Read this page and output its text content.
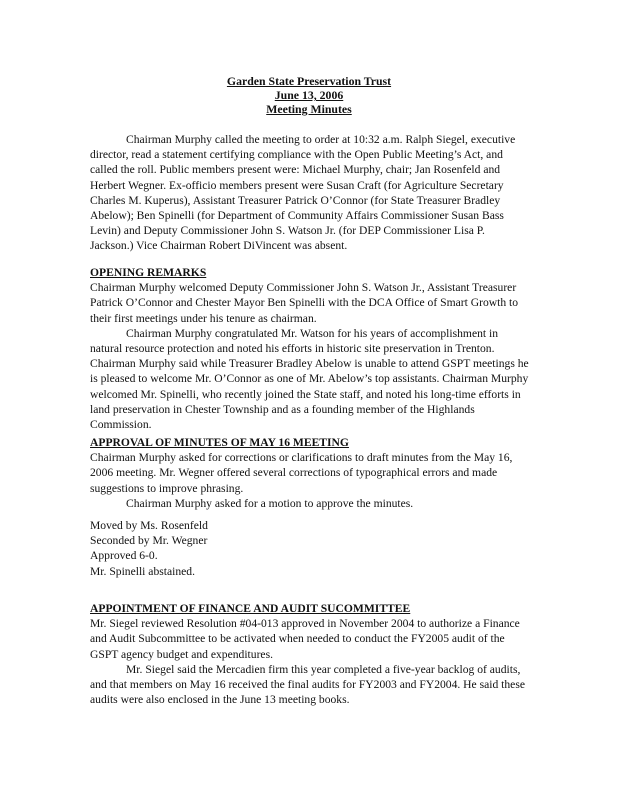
Garden State Preservation Trust
June 13, 2006
Meeting Minutes

Chairman Murphy called the meeting to order at 10:32 a.m. Ralph Siegel, executive director, read a statement certifying compliance with the Open Public Meeting’s Act, and called the roll. Public members present were: Michael Murphy, chair; Jan Rosenfeld and Herbert Wegner. Ex-officio members present were Susan Craft (for Agriculture Secretary Charles M. Kuperus), Assistant Treasurer Patrick O’Connor (for State Treasurer Bradley Abelow); Ben Spinelli (for Department of Community Affairs Commissioner Susan Bass Levin) and Deputy Commissioner John S. Watson Jr. (for DEP Commissioner Lisa P. Jackson.) Vice Chairman Robert DiVincent was absent.

OPENING REMARKS

Chairman Murphy welcomed Deputy Commissioner John S. Watson Jr., Assistant Treasurer Patrick O’Connor and Chester Mayor Ben Spinelli with the DCA Office of Smart Growth to their first meetings under his tenure as chairman.

Chairman Murphy congratulated Mr. Watson for his years of accomplishment in natural resource protection and noted his efforts in historic site preservation in Trenton. Chairman Murphy said while Treasurer Bradley Abelow is unable to attend GSPT meetings he is pleased to welcome Mr. O’Connor as one of Mr. Abelow’s top assistants. Chairman Murphy welcomed Mr. Spinelli, who recently joined the State staff, and noted his long-time efforts in land preservation in Chester Township and as a founding member of the Highlands Commission.

APPROVAL OF MINUTES OF MAY 16 MEETING

Chairman Murphy asked for corrections or clarifications to draft minutes from the May 16, 2006 meeting. Mr. Wegner offered several corrections of typographical errors and made suggestions to improve phrasing.

Chairman Murphy asked for a motion to approve the minutes.

Moved by Ms. Rosenfeld

Seconded by Mr. Wegner

Approved 6-0.

Mr. Spinelli abstained.

APPOINTMENT OF FINANCE AND AUDIT SUCOMMITTEE

Mr. Siegel reviewed Resolution #04-013 approved in November 2004 to authorize a Finance and Audit Subcommittee to be activated when needed to conduct the FY2005 audit of the GSPT agency budget and expenditures.

Mr. Siegel said the Mercadien firm this year completed a five-year backlog of audits, and that members on May 16 received the final audits for FY2003 and FY2004. He said these audits were also enclosed in the June 13 meeting books.
